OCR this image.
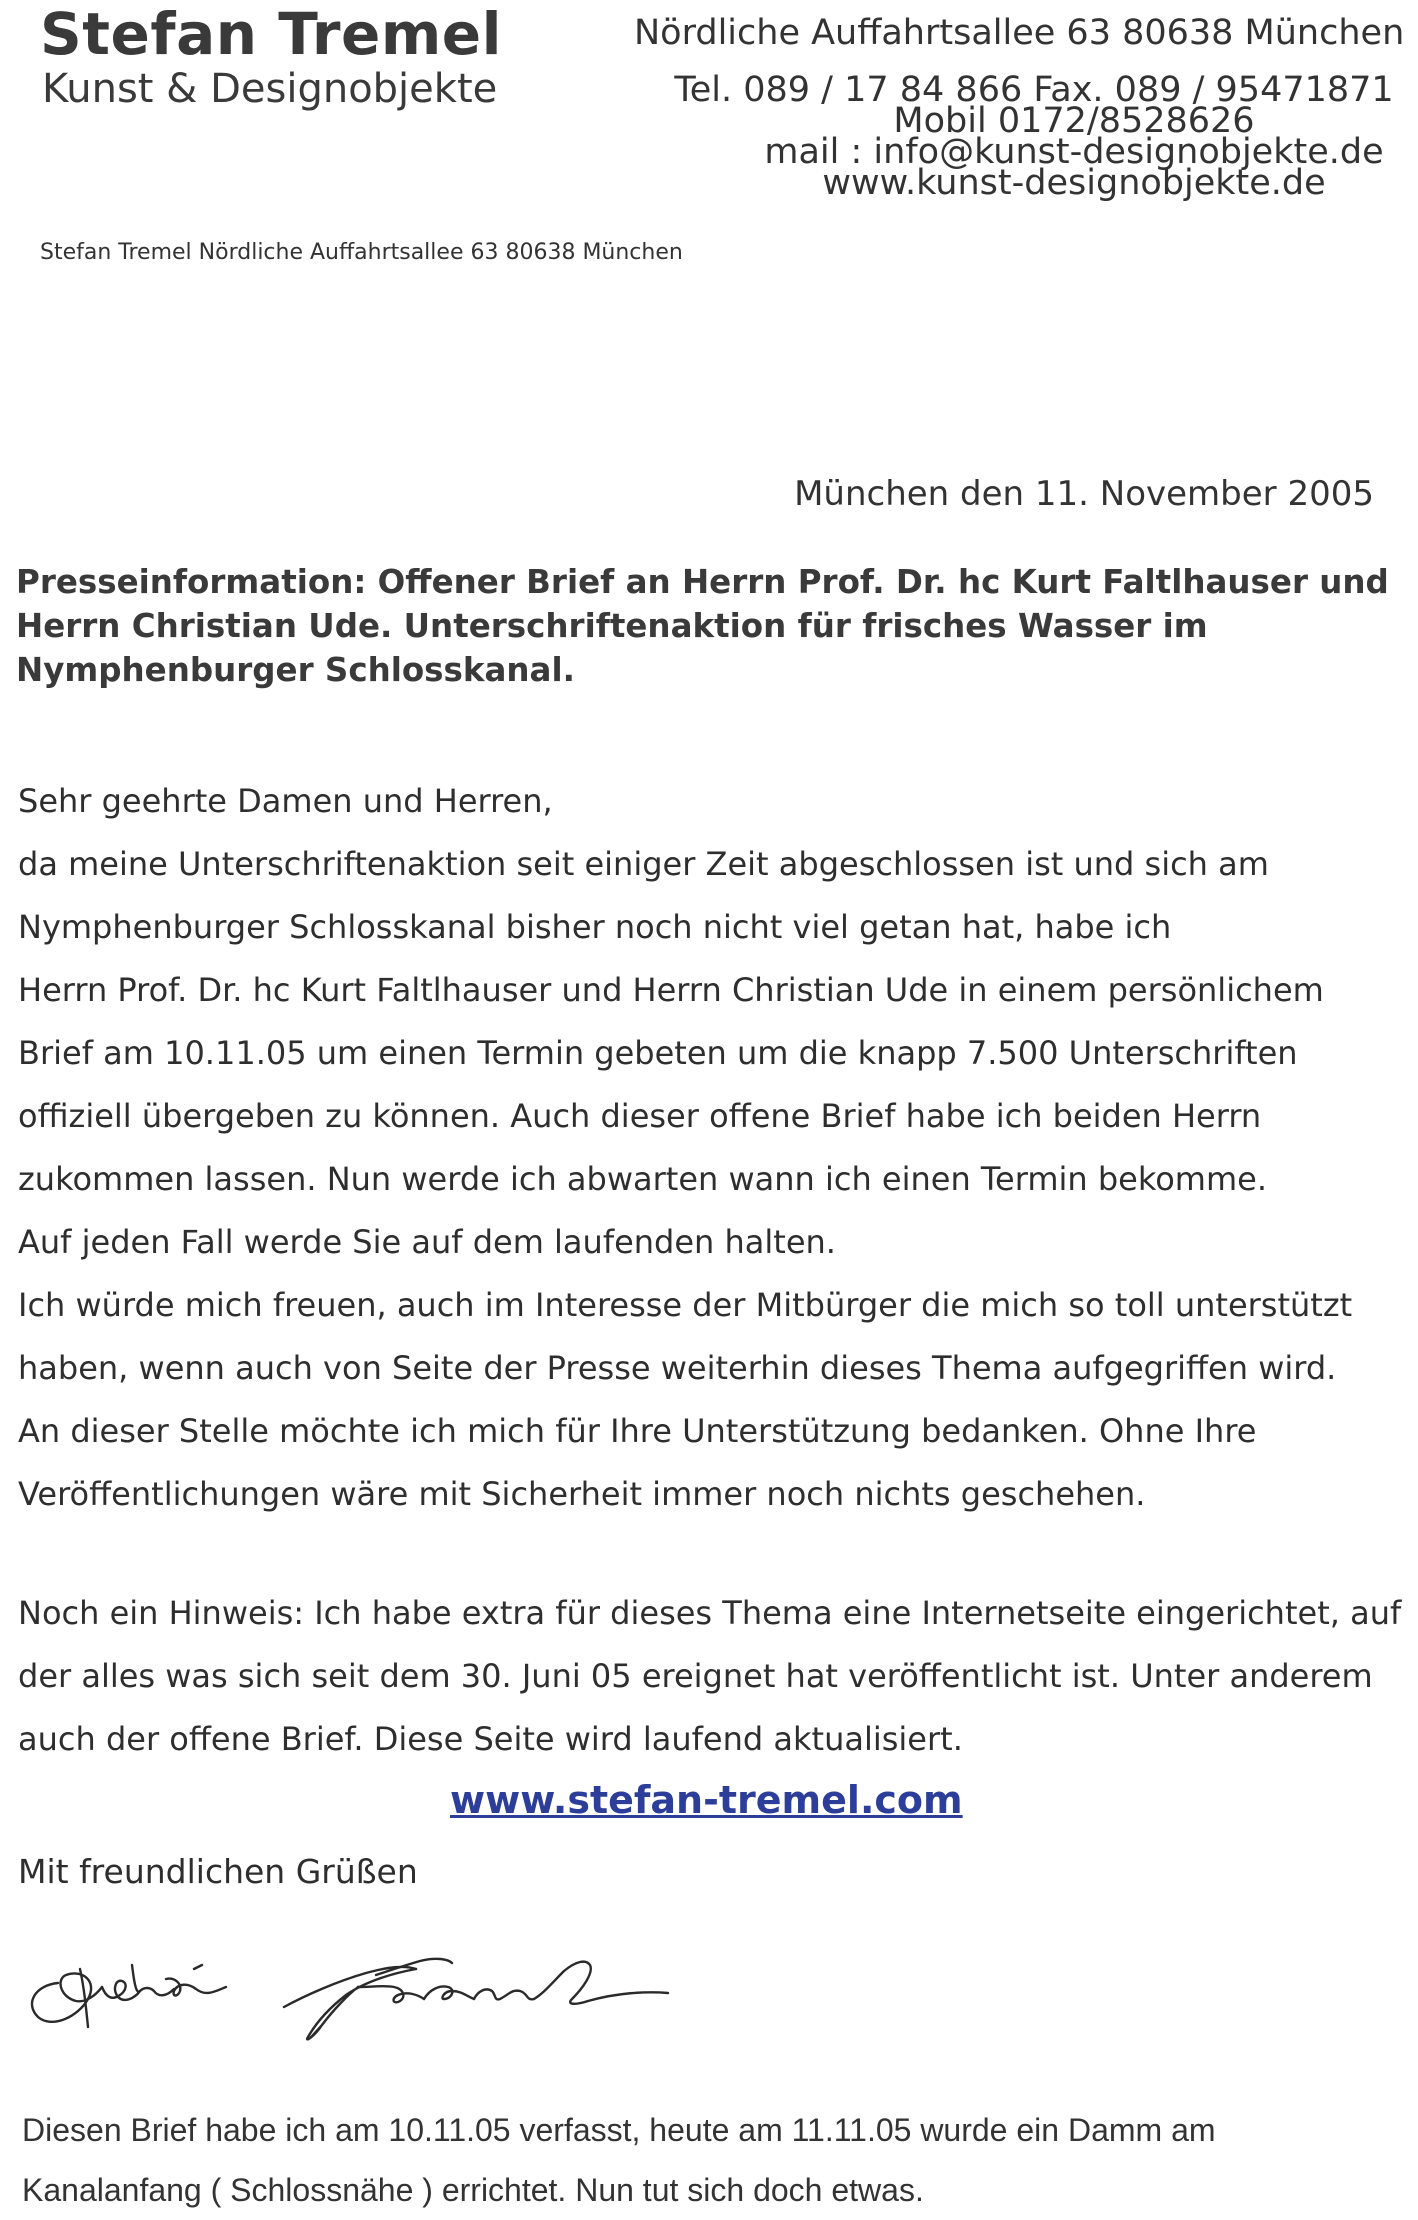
Stefan Tremel
Kunst & Designobjekte
Nördliche Auffahrtsallee 63 80638 München
Tel. 089 / 17 84 866 Fax. 089 / 95471871
Mobil 0172/8528626
mail : info@kunst-designobjekte.de
www.kunst-designobjekte.de
Stefan Tremel Nördliche Auffahrtsallee 63 80638 München
München den 11. November 2005
Presseinformation: Offener Brief an Herrn Prof. Dr. hc Kurt Faltlhauser und Herrn Christian Ude. Unterschriftenaktion für frisches Wasser im Nymphenburger Schlosskanal.
Sehr geehrte Damen und Herren,
da meine Unterschriftenaktion seit einiger Zeit abgeschlossen ist und sich am
Nymphenburger Schlosskanal bisher noch nicht viel getan hat, habe ich
Herrn Prof. Dr. hc Kurt Faltlhauser und Herrn Christian Ude in einem persönlichem
Brief am 10.11.05 um einen Termin gebeten um die knapp 7.500 Unterschriften
offiziell übergeben zu können. Auch dieser offene Brief habe ich beiden Herrn
zukommen lassen. Nun werde ich abwarten wann ich einen Termin bekomme.
Auf jeden Fall werde Sie auf dem laufenden halten.
Ich würde mich freuen, auch im Interesse der Mitbürger die mich so toll unterstützt
haben, wenn auch von Seite der Presse weiterhin dieses Thema aufgegriffen wird.
An dieser Stelle möchte ich mich für Ihre Unterstützung bedanken. Ohne Ihre
Veröffentlichungen wäre mit Sicherheit immer noch nichts geschehen.
Noch ein Hinweis: Ich habe extra für dieses Thema eine Internetseite eingerichtet, auf
der alles was sich seit dem 30. Juni 05 ereignet hat veröffentlicht ist. Unter anderem
auch der offene Brief. Diese Seite wird laufend aktualisiert.
www.stefan-tremel.com
Mit freundlichen Grüßen
Diesen Brief habe ich am 10.11.05 verfasst, heute am 11.11.05 wurde ein Damm am
Kanalanfang ( Schlossnähe ) errichtet. Nun tut sich doch etwas.
